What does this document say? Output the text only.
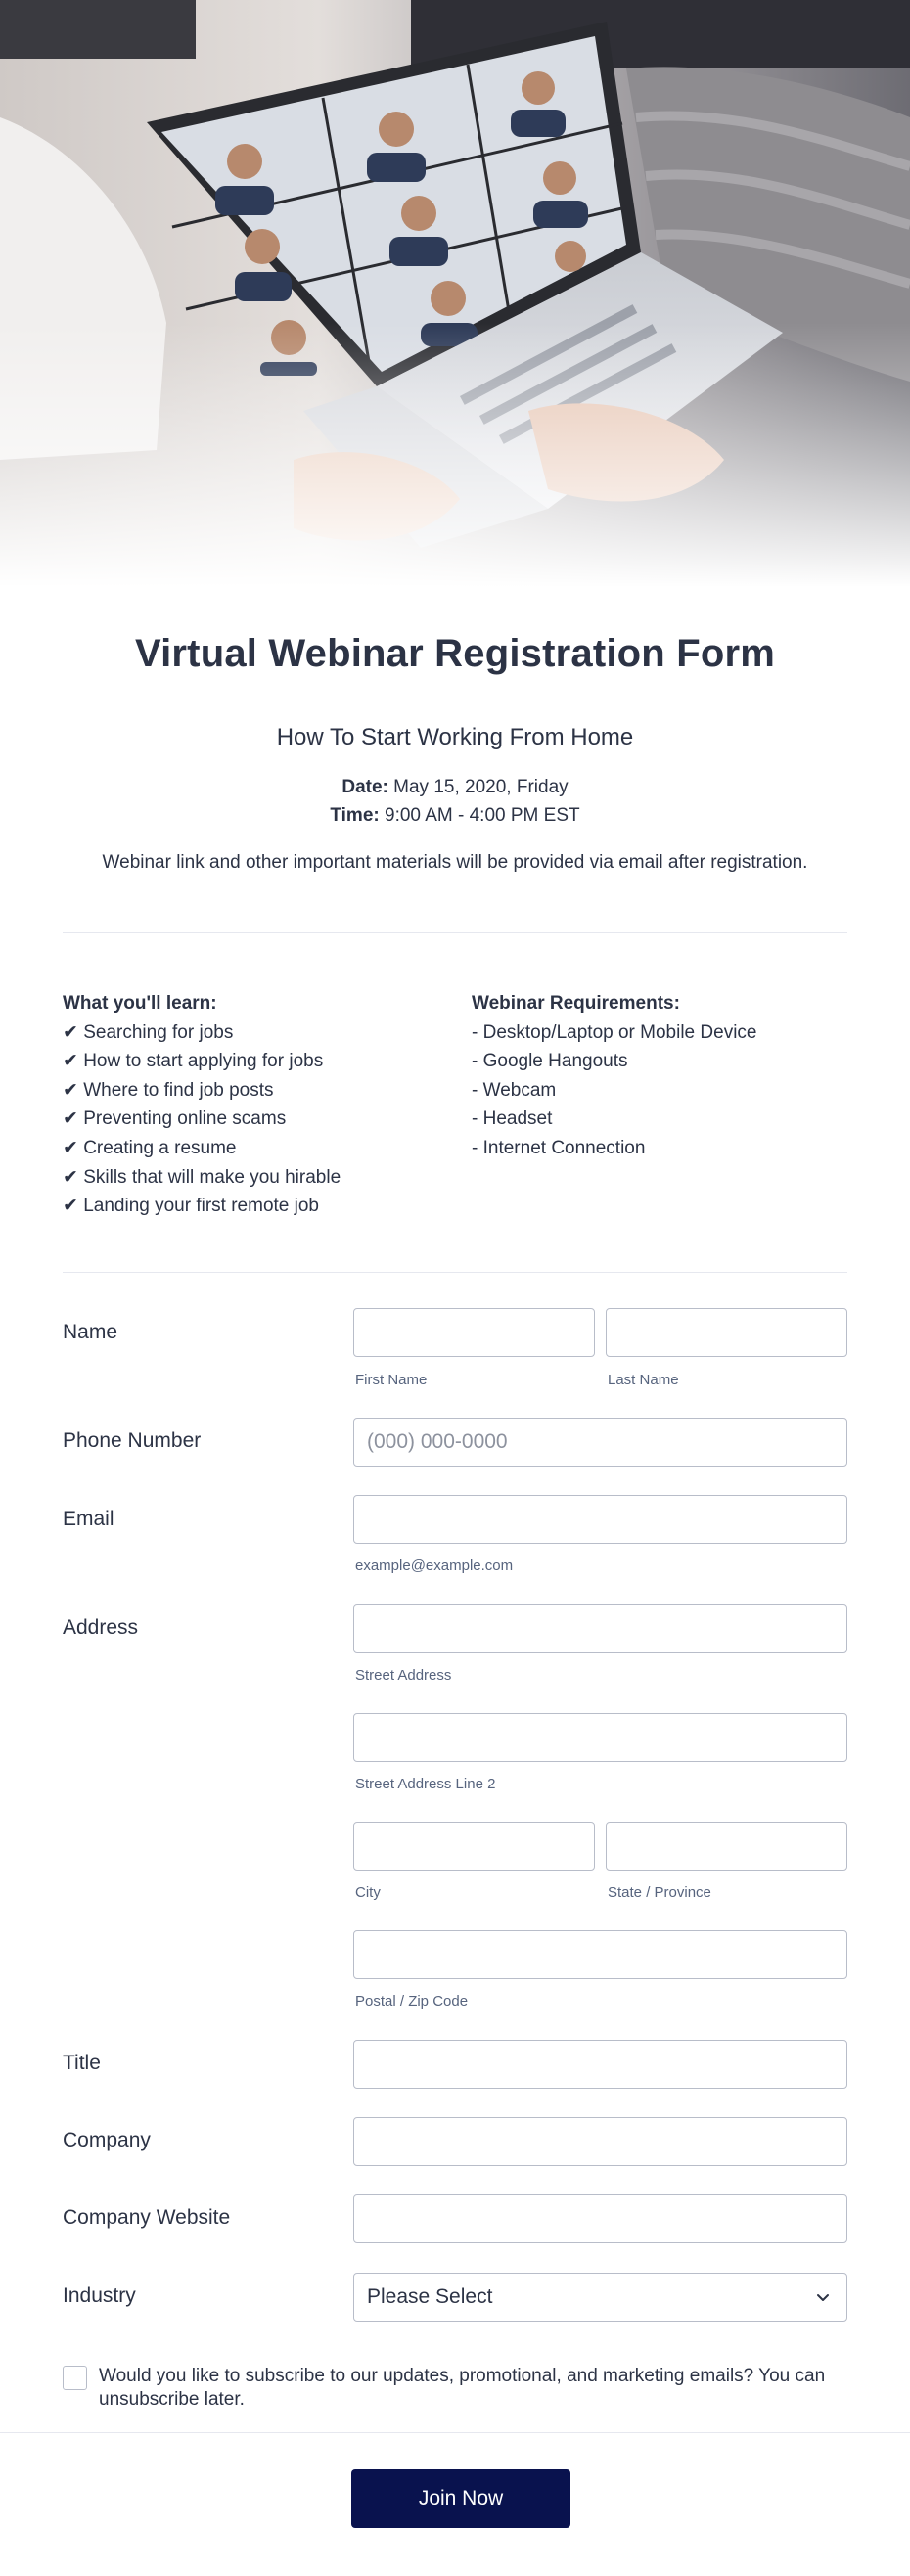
Virtual Webinar Registration Form
How To Start Working From Home
Date: May 15, 2020, Friday
Time: 9:00 AM - 4:00 PM EST
Webinar link and other important materials will be provided via email after registration.
What you'll learn:
✔ Searching for jobs
✔ How to start applying for jobs
✔ Where to find job posts
✔ Preventing online scams
✔ Creating a resume
✔ Skills that will make you hirable
✔ Landing your first remote job
Webinar Requirements:
- Desktop/Laptop or Mobile Device
- Google Hangouts
- Webcam
- Headset
- Internet Connection
Name
First Name	Last Name
Phone Number
(000) 000-0000
Email
example@example.com
Address
Street Address
Street Address Line 2
City	State / Province
Postal / Zip Code
Title
Company
Company Website
Industry	Please Select
Would you like to subscribe to our updates, promotional, and marketing emails? You can unsubscribe later.
Join Now
